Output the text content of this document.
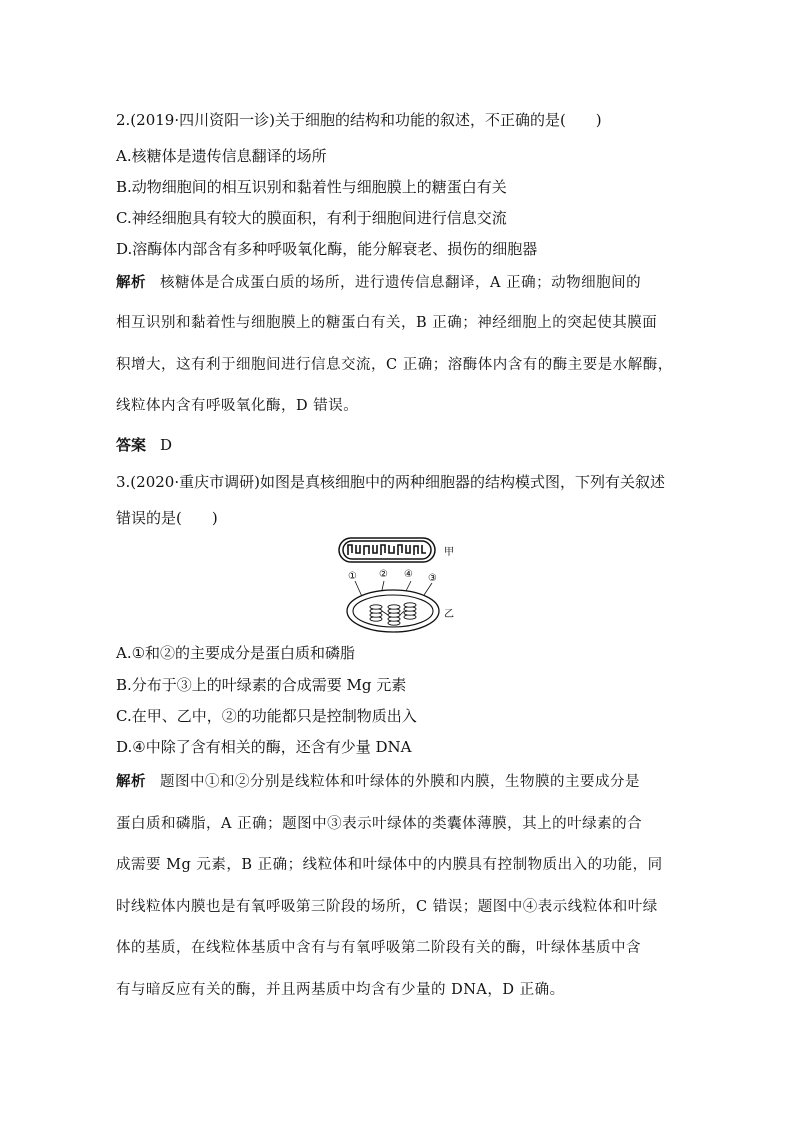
2.(2019·四川资阳一诊)关于细胞的结构和功能的叙述，不正确的是(　　)
A.核糖体是遗传信息翻译的场所
B.动物细胞间的相互识别和黏着性与细胞膜上的糖蛋白有关
C.神经细胞具有较大的膜面积，有利于细胞间进行信息交流
D.溶酶体内部含有多种呼吸氧化酶，能分解衰老、损伤的细胞器
解析 核糖体是合成蛋白质的场所，进行遗传信息翻译，A 正确；动物细胞间的
相互识别和黏着性与细胞膜上的糖蛋白有关，B 正确；神经细胞上的突起使其膜面
积增大，这有利于细胞间进行信息交流，C 正确；溶酶体内含有的酶主要是水解酶，
线粒体内含有呼吸氧化酶，D 错误。
答案 D
3.(2020·重庆市调研)如图是真核细胞中的两种细胞器的结构模式图，下列有关叙述
错误的是(　　)
甲
① ② ④ ③
乙
A.①和②的主要成分是蛋白质和磷脂
B.分布于③上的叶绿素的合成需要 Mg 元素
C.在甲、乙中，②的功能都只是控制物质出入
D.④中除了含有相关的酶，还含有少量 DNA
解析 题图中①和②分别是线粒体和叶绿体的外膜和内膜，生物膜的主要成分是
蛋白质和磷脂，A 正确；题图中③表示叶绿体的类囊体薄膜，其上的叶绿素的合
成需要 Mg 元素，B 正确；线粒体和叶绿体中的内膜具有控制物质出入的功能，同
时线粒体内膜也是有氧呼吸第三阶段的场所，C 错误；题图中④表示线粒体和叶绿
体的基质，在线粒体基质中含有与有氧呼吸第二阶段有关的酶，叶绿体基质中含
有与暗反应有关的酶，并且两基质中均含有少量的 DNA，D 正确。
